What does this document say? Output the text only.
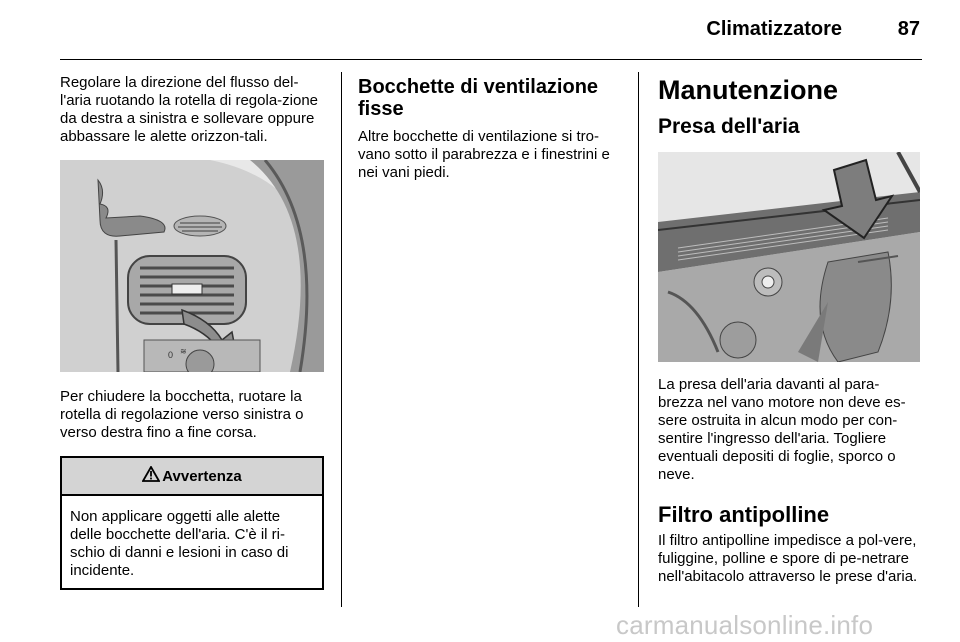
Climatizzatore	87

Regolare la direzione del flusso del-l'aria ruotando la rotella di regola-zione da destra a sinistra e sollevare oppure abbassare le alette orizzon-tali.

0 ≋

Per chiudere la bocchetta, ruotare la rotella di regolazione verso sinistra o verso destra fino a fine corsa.

Avvertenza
Non applicare oggetti alle alette delle bocchette dell'aria. C'è il ri-schio di danni e lesioni in caso di incidente.
Bocchette di ventilazione fisse

Altre bocchette di ventilazione si tro-vano sotto il parabrezza e i finestrini e nei vani piedi.

Manutenzione
Presa dell'aria

La presa dell'aria davanti al para-brezza nel vano motore non deve es-sere ostruita in alcun modo per con-sentire l'ingresso dell'aria. Togliere eventuali depositi di foglie, sporco o neve.

Filtro antipolline

Il filtro antipolline impedisce a pol-vere, fuliggine, polline e spore di pe-netrare nell'abitacolo attraverso le prese d'aria.

carmanualsonline.info
